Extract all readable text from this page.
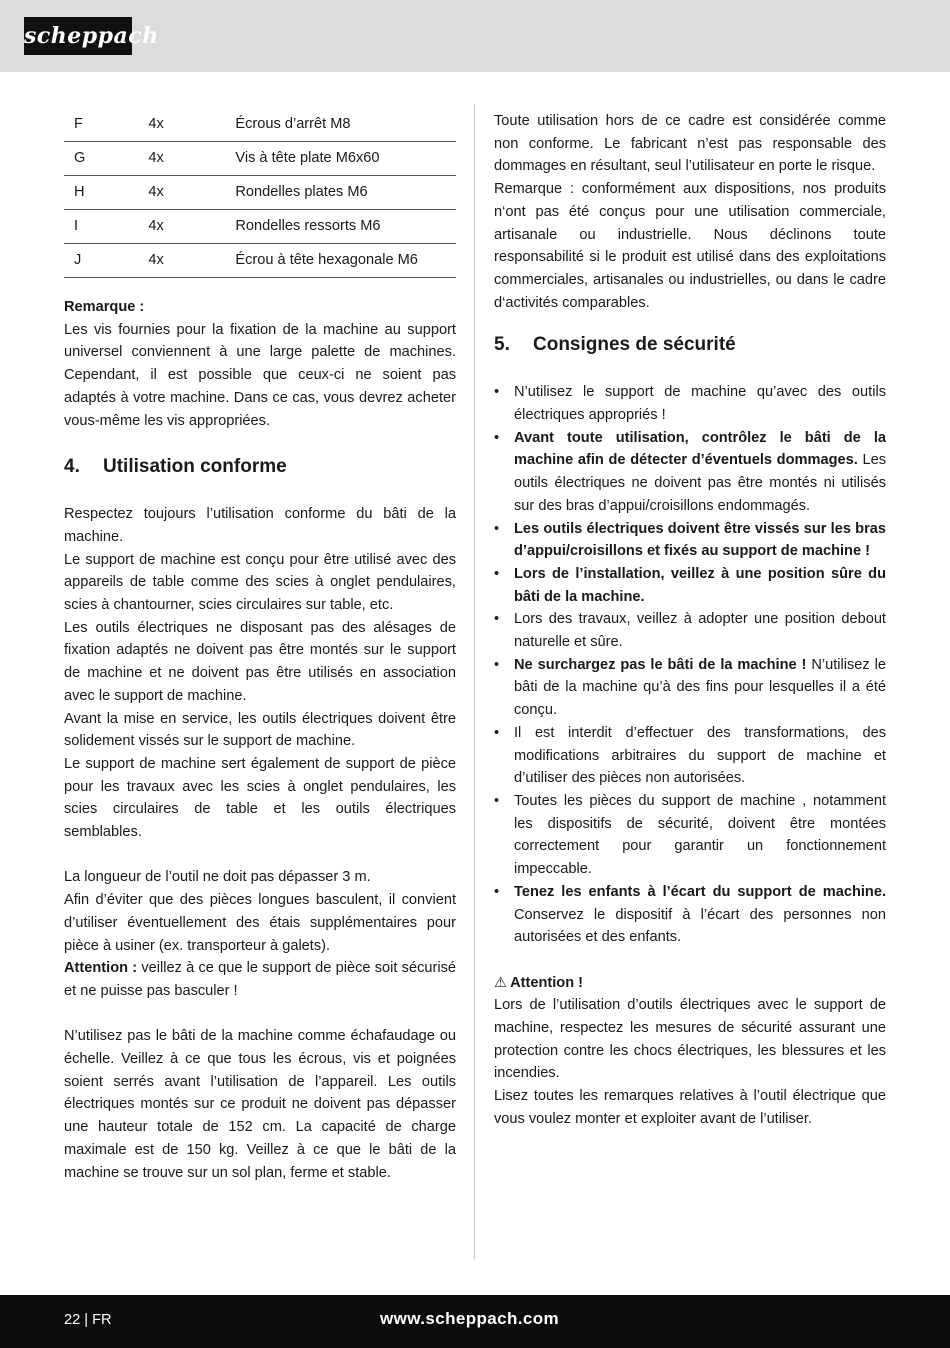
scheppach
F	4x	Écrous d’arrêt M8
G	4x	Vis à tête plate M6x60
H	4x	Rondelles plates M6
I	4x	Rondelles ressorts M6
J	4x	Écrou à tête hexagonale M6

Remarque :

Les vis fournies pour la fixation de la machine au support universel conviennent à une large palette de machines. Cependant, il est possible que ceux-ci ne soient pas adaptés à votre machine. Dans ce cas, vous devrez acheter vous-même les vis appropriées.

4. Utilisation conforme

Respectez toujours l’utilisation conforme du bâti de la machine.

Le support de machine est conçu pour être utilisé avec des appareils de table comme des scies à onglet pendulaires, scies à chantourner, scies circulaires sur table, etc.

Les outils électriques ne disposant pas des alésages de fixation adaptés ne doivent pas être montés sur le support de machine et ne doivent pas être utilisés en association avec le support de machine.

Avant la mise en service, les outils électriques doivent être solidement vissés sur le support de machine.

Le support de machine sert également de support de pièce pour les travaux avec les scies à onglet pendulaires, les scies circulaires de table et les outils électriques semblables.

La longueur de l’outil ne doit pas dépasser 3 m.

Afin d’éviter que des pièces longues basculent, il convient d’utiliser éventuellement des étais supplémentaires pour pièce à usiner (ex. transporteur à galets).

Attention : veillez à ce que le support de pièce soit sécurisé et ne puisse pas basculer !

N’utilisez pas le bâti de la machine comme échafaudage ou échelle. Veillez à ce que tous les écrous, vis et poignées soient serrés avant l’utilisation de l’appareil. Les outils électriques montés sur ce produit ne doivent pas dépasser une hauteur totale de 152 cm. La capacité de charge maximale est de 150 kg. Veillez à ce que le bâti de la machine se trouve sur un sol plan, ferme et stable.

Toute utilisation hors de ce cadre est considérée comme non conforme. Le fabricant n’est pas responsable des dommages en résultant, seul l’utilisateur en porte le risque.

Remarque : conformément aux dispositions, nos produits n‘ont pas été conçus pour une utilisation commerciale, artisanale ou industrielle. Nous déclinons toute responsabilité si le produit est utilisé dans des exploitations commerciales, artisanales ou industrielles, ou dans le cadre d‘activités comparables.

5. Consignes de sécurité
•	N’utilisez le support de machine qu’avec des outils électriques appropriés !
•	Avant toute utilisation, contrôlez le bâti de la machine afin de détecter d’éventuels dommages. Les outils électriques ne doivent pas être montés ni utilisés sur des bras d’appui/croisillons endommagés.
•	Les outils électriques doivent être vissés sur les bras d’appui/croisillons et fixés au support de machine !
•	Lors de l’installation, veillez à une position sûre du bâti de la machine.
•	Lors des travaux, veillez à adopter une position debout naturelle et sûre.
•	Ne surchargez pas le bâti de la machine ! N’utilisez le bâti de la machine qu’à des fins pour lesquelles il a été conçu.
•	Il est interdit d’effectuer des transformations, des modifications arbitraires du support de machine et d’utiliser des pièces non autorisées.
•	Toutes les pièces du support de machine , notamment les dispositifs de sécurité, doivent être montées correctement pour garantir un fonctionnement impeccable.
•	Tenez les enfants à l’écart du support de machine. Conservez le dispositif à l’écart des personnes non autorisées et des enfants.

⚠ Attention !

Lors de l’utilisation d’outils électriques avec le support de machine, respectez les mesures de sécurité assurant une protection contre les chocs électriques, les blessures et les incendies.

Lisez toutes les remarques relatives à l’outil électrique que vous voulez monter et exploiter avant de l’utiliser.

22 | FR	www.scheppach.com
